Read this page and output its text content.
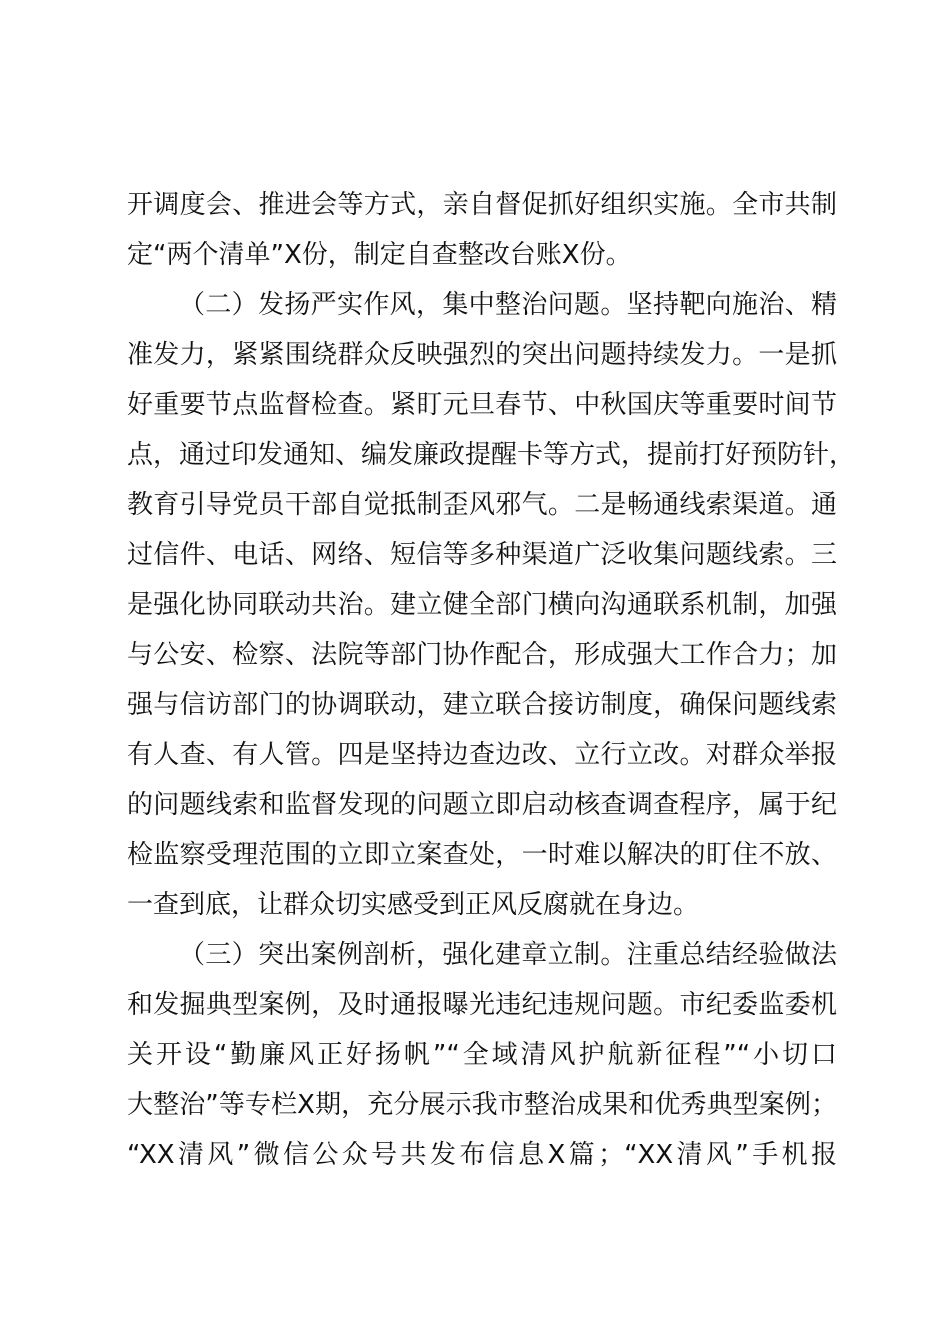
开调度会、推进会等方式，亲自督促抓好组织实施。全市共制
定“两个清单”X份，制定自查整改台账X份。
（二）发扬严实作风，集中整治问题。坚持靶向施治、精
准发力，紧紧围绕群众反映强烈的突出问题持续发力。一是抓
好重要节点监督检查。紧盯元旦春节、中秋国庆等重要时间节
点，通过印发通知、编发廉政提醒卡等方式，提前打好预防针，
教育引导党员干部自觉抵制歪风邪气。二是畅通线索渠道。通
过信件、电话、网络、短信等多种渠道广泛收集问题线索。三
是强化协同联动共治。建立健全部门横向沟通联系机制，加强
与公安、检察、法院等部门协作配合，形成强大工作合力；加
强与信访部门的协调联动，建立联合接访制度，确保问题线索
有人查、有人管。四是坚持边查边改、立行立改。对群众举报
的问题线索和监督发现的问题立即启动核查调查程序，属于纪
检监察受理范围的立即立案查处，一时难以解决的盯住不放、
一查到底，让群众切实感受到正风反腐就在身边。
（三）突出案例剖析，强化建章立制。注重总结经验做法
和发掘典型案例，及时通报曝光违纪违规问题。市纪委监委机
关开设“勤廉风正好扬帆”“全域清风护航新征程”“小切口
大整治”等专栏X期，充分展示我市整治成果和优秀典型案例；
“XX清风”微信公众号共发布信息X篇；“XX清风”手机报
